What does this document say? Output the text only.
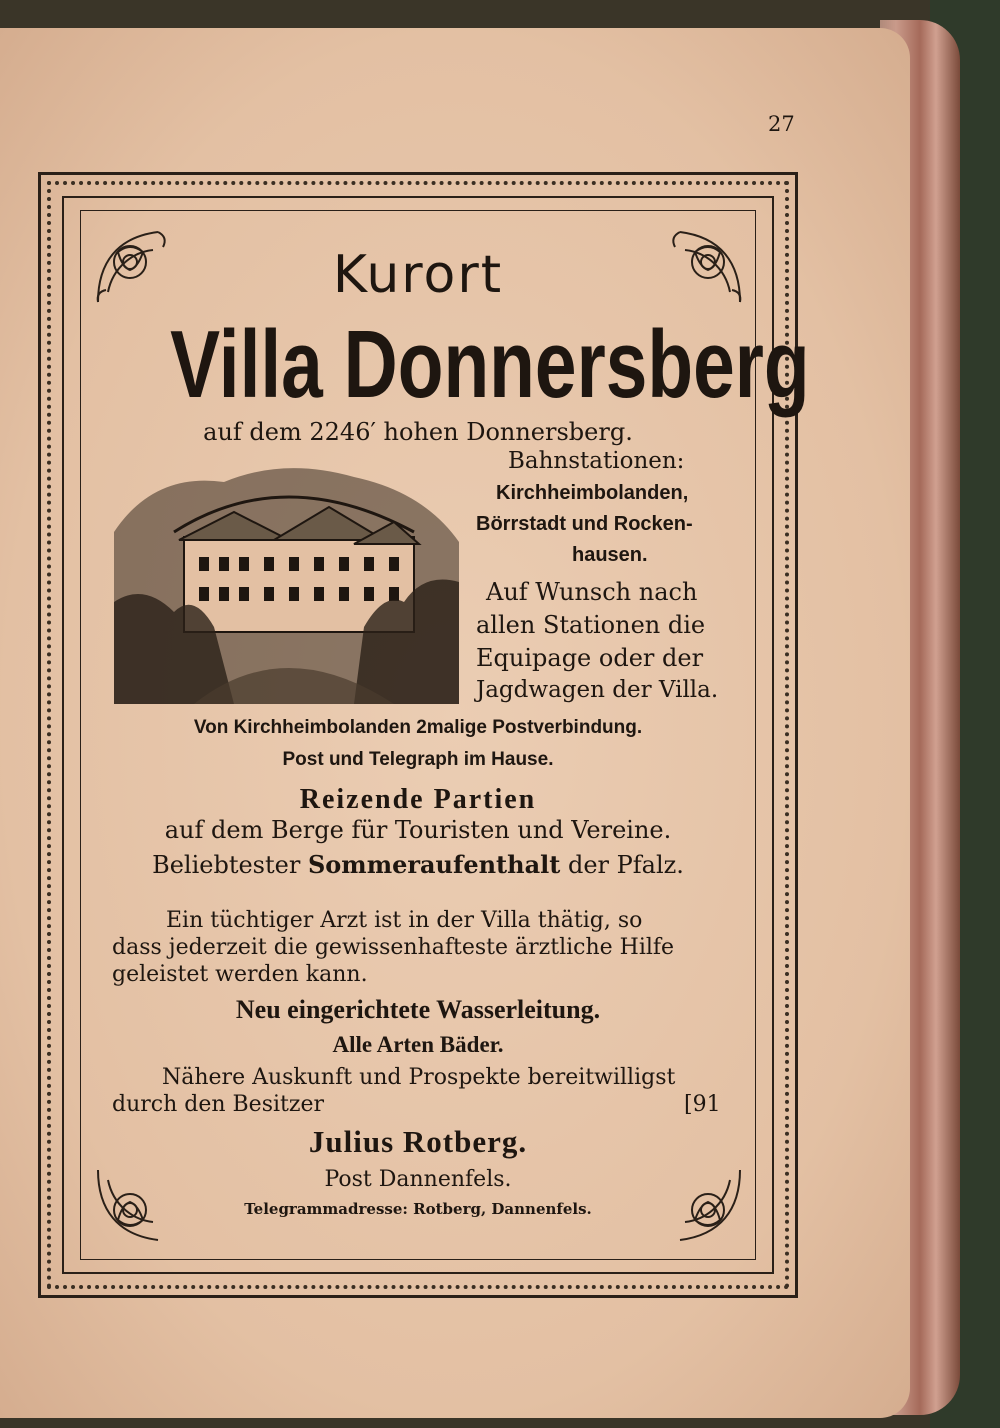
27
Kurort
Villa Donnersberg
auf dem 2246′ hohen Donnersberg.
Bahnstationen:
Kirchheimbolanden,
Börrstadt und Rocken-
hausen.
Auf Wunsch nach
allen Stationen die
Equipage oder der
Jagdwagen der Villa.
Von Kirchheimbolanden 2malige Postverbindung.
Post und Telegraph im Hause.
Reizende Partien
auf dem Berge für Touristen und Vereine.
Beliebtester Sommeraufenthalt der Pfalz.
Ein tüchtiger Arzt ist in der Villa thätig, so
dass jederzeit die gewissenhafteste ärztliche Hilfe
geleistet werden kann.
Neu eingerichtete Wasserleitung.
Alle Arten Bäder.
Nähere Auskunft und Prospekte bereitwilligst
durch den Besitzer	[91
Julius Rotberg.
Post Dannenfels.
Telegrammadresse: Rotberg, Dannenfels.
